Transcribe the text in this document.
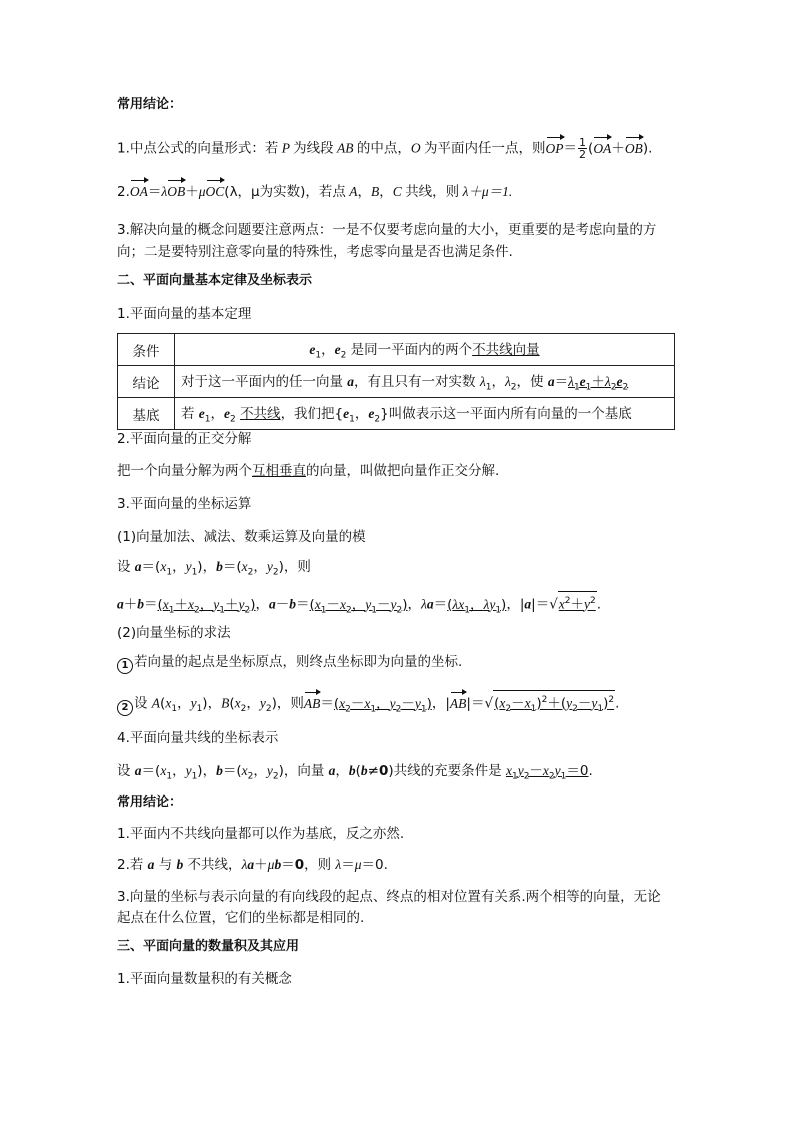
常用结论：
1.中点公式的向量形式：若 P 为线段 AB 的中点，O 为平面内任一点，则$OP= \frac{1}{2} (OA+OB)$.
2.OA＝λOB＋μOC(λ，μ为实数)，若点 A，B，C 共线，则 λ＋μ＝1.
3.解决向量的概念问题要注意两点：一是不仅要考虑向量的大小，更重要的是考虑向量的方
向；二是要特别注意零向量的特殊性，考虑零向量是否也满足条件.
二、平面向量基本定律及坐标表示
1.平面向量的基本定理
条件	$e_1$，$e_2$ 是同一平面内的两个不共线向量
结论	对于这一平面内的任一向量 a，有且只有一对实数 $\lambda_1$，$\lambda_2$，使 $a=\lambda_1e_1+\lambda_2e_2$
基底	若 $e_1$，$e_2$ 不共线，我们把{$e_1$，$e_2$}叫做表示这一平面内所有向量的一个基底
2.平面向量的正交分解
把一个向量分解为两个互相垂直的向量，叫做把向量作正交分解.
3.平面向量的坐标运算
(1)向量加法、减法、数乘运算及向量的模
设 $a=(x_1$，$y_1$)，$b=(x_2$，$y_2$)，则
$a+b=(x_1+x_2$，$y_1+y_2$)，$a-b=(x_1-x_2$，$y_1-y_2$)，$\lambda a=(\lambda x_1$，$\lambda y_1$)，$|a|=√x^2+y^2$.
(2)向量坐标的求法
1 若向量的起点是坐标原点，则终点坐标即为向量的坐标.
2 设 $A(x_1$，$y_1$)，$B(x_2$，$y_2$)，则$AB=(x_2-x_1$，$y_2-y_1$)，$|AB|=√(x_2-x_1)^2+(y_2-y_1)^2$.
4.平面向量共线的坐标表示
设 $a=(x_1$，$y_1$)，$b=(x_2$，$y_2$)，向量 a，b(b≠0)共线的充要条件是 $x_1y_2-x_2y_1=0$.
常用结论：
1.平面内不共线向量都可以作为基底，反之亦然.
2.若 a 与 b 不共线，λa＋μb＝0，则 λ＝μ＝0.
3.向量的坐标与表示向量的有向线段的起点、终点的相对位置有关系.两个相等的向量，无论
起点在什么位置，它们的坐标都是相同的.
三、平面向量的数量积及其应用
1.平面向量数量积的有关概念
